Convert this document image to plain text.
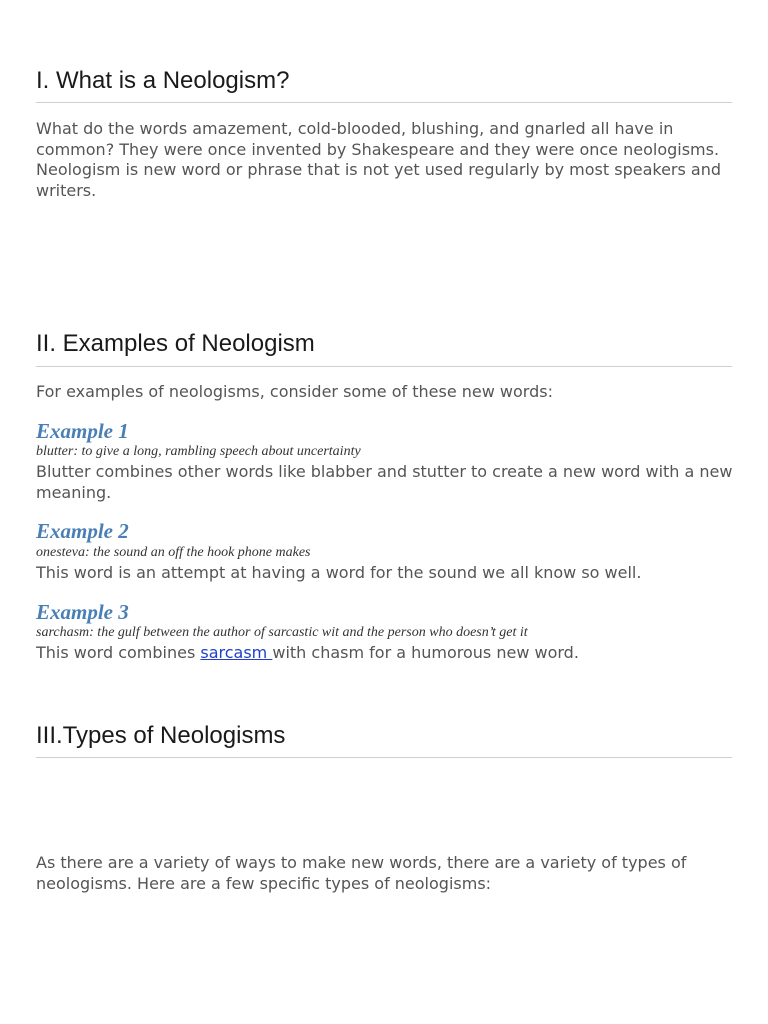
I. What is a Neologism?

What do the words amazement, cold-blooded, blushing, and gnarled all have in common? They were once invented by Shakespeare and they were once neologisms. Neologism is new word or phrase that is not yet used regularly by most speakers and writers.

II. Examples of Neologism

For examples of neologisms, consider some of these new words:

Example 1
blutter: to give a long, rambling speech about uncertainty

Blutter combines other words like blabber and stutter to create a new word with a new meaning.

Example 2
onesteva: the sound an off the hook phone makes

This word is an attempt at having a word for the sound we all know so well.

Example 3
sarchasm: the gulf between the author of sarcastic wit and the person who doesn’t get it

This word combines sarcasm with chasm for a humorous new word.

III.Types of Neologisms

As there are a variety of ways to make new words, there are a variety of types of neologisms. Here are a few specific types of neologisms:
